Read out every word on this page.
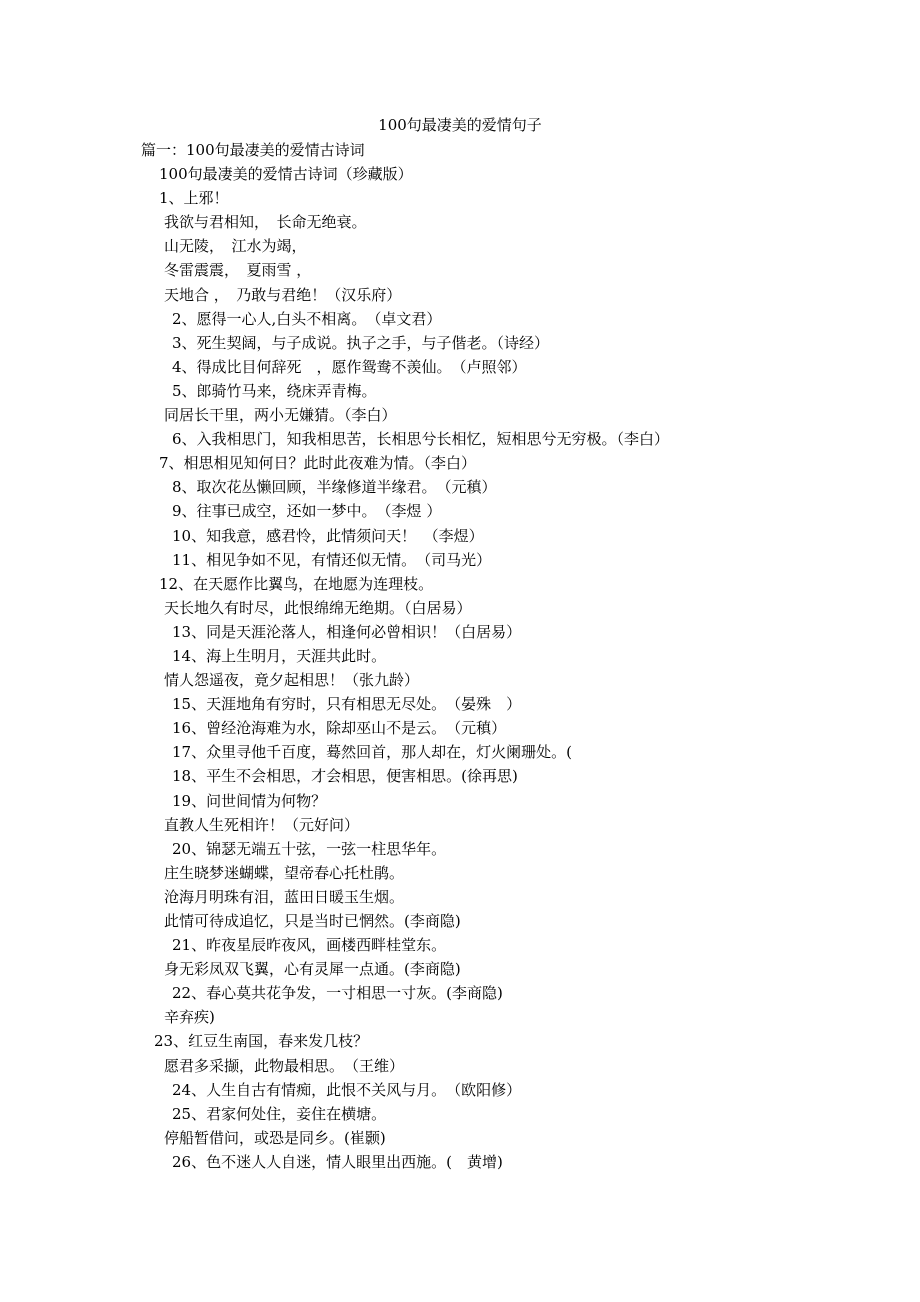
100句最凄美的爱情句子
篇一：100句最凄美的爱情古诗词
100句最凄美的爱情古诗词（珍藏版）
1、上邪！
我欲与君相知，　长命无绝衰。
山无陵，　江水为竭，
冬雷震震，　夏雨雪 ，
天地合 ，　乃敢与君绝！（汉乐府）
2、愿得一心人,白头不相离。　（卓文君）
3、死生契阔，与子成说。执子之手，与子偕老。（诗经）
4、得成比目何辞死　，愿作鸳鸯不羡仙。　（卢照邻）
5、郎骑竹马来，绕床弄青梅。
同居长干里，两小无嫌猜。（李白）
6、入我相思门，知我相思苦，长相思兮长相忆，短相思兮无穷极。（李白）
7、相思相见知何日？此时此夜难为情。（李白）
8、取次花丛懒回顾，半缘修道半缘君。　（元稹）
9、往事已成空，还如一梦中。　（李煜 ）
10、知我意，感君怜，此情须问天！　（李煜）
11、相见争如不见，有情还似无情。　（司马光）
12、在天愿作比翼鸟，在地愿为连理枝。
天长地久有时尽，此恨绵绵无绝期。（白居易）
13、同是天涯沦落人，相逢何必曾相识！（白居易）
14、海上生明月，天涯共此时。
情人怨遥夜，竟夕起相思！（张九龄）
15、天涯地角有穷时，只有相思无尽处。　（晏殊　）
16、曾经沧海难为水，除却巫山不是云。　（元稹）
17、众里寻他千百度，蓦然回首，那人却在，灯火阑珊处。(
18、平生不会相思，才会相思，便害相思。(徐再思)
19、问世间情为何物？
直教人生死相许！（元好问）
20、锦瑟无端五十弦，一弦一柱思华年。
庄生晓梦迷蝴蝶，望帝春心托杜鹃。
沧海月明珠有泪，蓝田日暖玉生烟。
此情可待成追忆，只是当时已惘然。(李商隐)
21、昨夜星辰昨夜风，画楼西畔桂堂东。
身无彩凤双飞翼，心有灵犀一点通。(李商隐)
22、春心莫共花争发，一寸相思一寸灰。(李商隐)
辛弃疾)
23、红豆生南国，春来发几枝？
愿君多采撷，此物最相思。　（王维）
24、人生自古有情痴，此恨不关风与月。　（欧阳修）
25、君家何处住，妾住在横塘。
停船暂借问，或恐是同乡。(崔颢)
26、色不迷人人自迷，情人眼里出西施。(　黄增)
